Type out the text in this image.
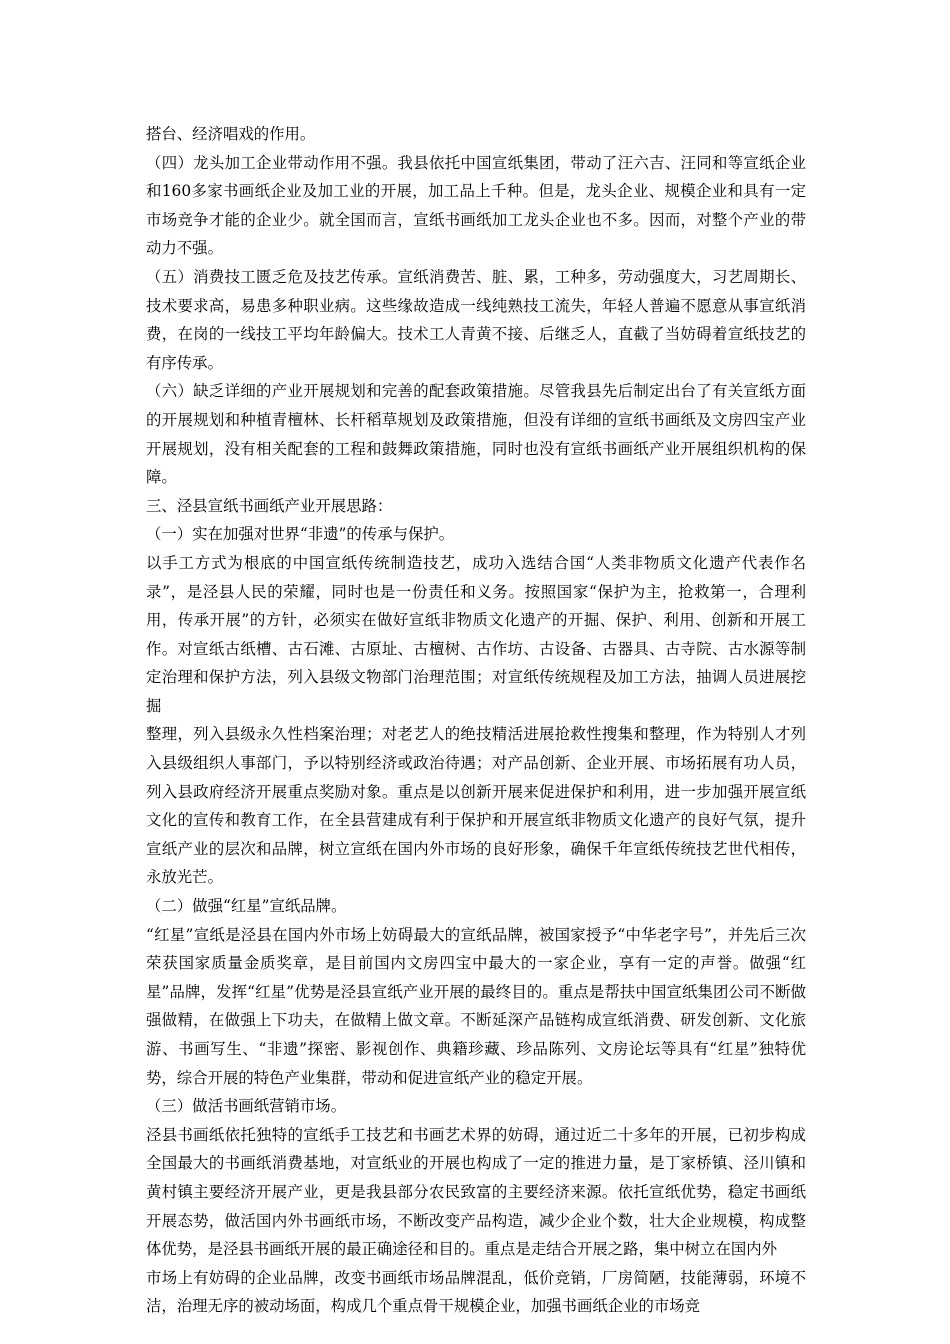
搭台、经济唱戏的作用。

（四）龙头加工企业带动作用不强。我县依托中国宣纸集团，带动了汪六吉、汪同和等宣纸企业和160多家书画纸企业及加工业的开展，加工品上千种。但是，龙头企业、规模企业和具有一定市场竞争才能的企业少。就全国而言，宣纸书画纸加工龙头企业也不多。因而，对整个产业的带动力不强。

（五）消费技工匮乏危及技艺传承。宣纸消费苦、脏、累，工种多，劳动强度大，习艺周期长、技术要求高，易患多种职业病。这些缘故造成一线纯熟技工流失，年轻人普遍不愿意从事宣纸消费，在岗的一线技工平均年龄偏大。技术工人青黄不接、后继乏人，直截了当妨碍着宣纸技艺的有序传承。

（六）缺乏详细的产业开展规划和完善的配套政策措施。尽管我县先后制定出台了有关宣纸方面的开展规划和种植青檀林、长杆稻草规划及政策措施，但没有详细的宣纸书画纸及文房四宝产业开展规划，没有相关配套的工程和鼓舞政策措施，同时也没有宣纸书画纸产业开展组织机构的保障。

三、泾县宣纸书画纸产业开展思路：

（一）实在加强对世界“非遗”的传承与保护。

以手工方式为根底的中国宣纸传统制造技艺，成功入选结合国“人类非物质文化遗产代表作名录”，是泾县人民的荣耀，同时也是一份责任和义务。按照国家“保护为主，抢救第一，合理利用，传承开展”的方针，必须实在做好宣纸非物质文化遗产的开掘、保护、利用、创新和开展工作。对宣纸古纸槽、古石滩、古原址、古檀树、古作坊、古设备、古器具、古寺院、古水源等制定治理和保护方法，列入县级文物部门治理范围；对宣纸传统规程及加工方法，抽调人员进展挖掘

整理，列入县级永久性档案治理；对老艺人的绝技精活进展抢救性搜集和整理，作为特别人才列入县级组织人事部门，予以特别经济或政治待遇；对产品创新、企业开展、市场拓展有功人员，列入县政府经济开展重点奖励对象。重点是以创新开展来促进保护和利用，进一步加强开展宣纸文化的宣传和教育工作，在全县营建成有利于保护和开展宣纸非物质文化遗产的良好气氛，提升宣纸产业的层次和品牌，树立宣纸在国内外市场的良好形象，确保千年宣纸传统技艺世代相传，永放光芒。

（二）做强“红星”宣纸品牌。

“红星”宣纸是泾县在国内外市场上妨碍最大的宣纸品牌，被国家授予“中华老字号”，并先后三次荣获国家质量金质奖章，是目前国内文房四宝中最大的一家企业，享有一定的声誉。做强“红星”品牌，发挥“红星”优势是泾县宣纸产业开展的最终目的。重点是帮扶中国宣纸集团公司不断做强做精，在做强上下功夫，在做精上做文章。不断延深产品链构成宣纸消费、研发创新、文化旅游、书画写生、“非遗”探密、影视创作、典籍珍藏、珍品陈列、文房论坛等具有“红星”独特优势，综合开展的特色产业集群，带动和促进宣纸产业的稳定开展。

（三）做活书画纸营销市场。

泾县书画纸依托独特的宣纸手工技艺和书画艺术界的妨碍，通过近二十多年的开展，已初步构成全国最大的书画纸消费基地，对宣纸业的开展也构成了一定的推进力量，是丁家桥镇、泾川镇和黄村镇主要经济开展产业，更是我县部分农民致富的主要经济来源。依托宣纸优势，稳定书画纸开展态势，做活国内外书画纸市场，不断改变产品构造，减少企业个数，壮大企业规模，构成整体优势，是泾县书画纸开展的最正确途径和目的。重点是走结合开展之路，集中树立在国内外

市场上有妨碍的企业品牌，改变书画纸市场品牌混乱，低价竞销，厂房简陋，技能薄弱，环境不洁，治理无序的被动场面，构成几个重点骨干规模企业，加强书画纸企业的市场竞
